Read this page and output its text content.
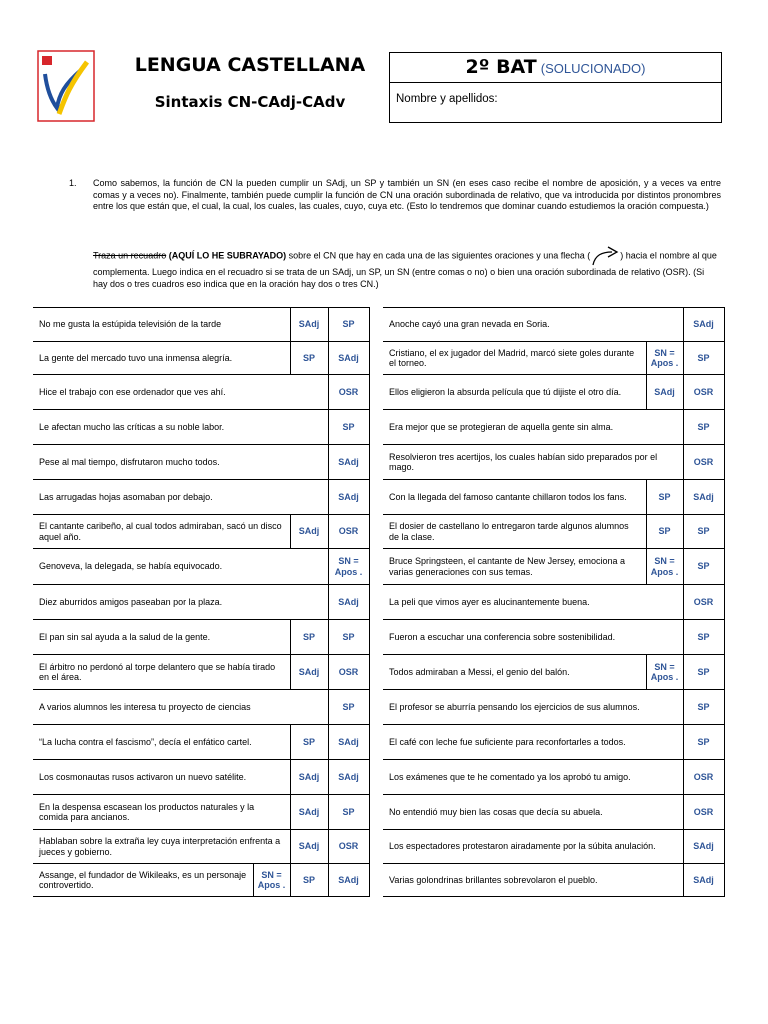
LENGUA CASTELLANA
Sintaxis CN-CAdj-CAdv
2º BAT (SOLUCIONADO)
Nombre y apellidos:
1. Como sabemos, la función de CN la pueden cumplir un SAdj, un SP y también un SN (en eses caso recibe el nombre de aposición, y a veces va entre comas y a veces no). Finalmente, también puede cumplir la función de CN una oración subordinada de relativo, que va introducida por distintos pronombres entre los que están que, el cual, la cual, los cuales, las cuales, cuyo, cuya etc. (Esto lo tendremos que dominar cuando estudiemos la oración compuesta.)
Traza un recuadro (AQUÍ LO HE SUBRAYADO) sobre el CN que hay en cada una de las siguientes oraciones y una flecha (	) hacia el nombre al que complementa. Luego indica en el recuadro si se trata de un SAdj, un SP, un SN (entre comas o no) o bien una oración subordinada de relativo (OSR). (Si hay dos o tres cuadros eso indica que en la oración hay dos o tres CN.)
No me gusta la estúpida televisión de la tarde		SAdj	SP
La gente del mercado tuvo una inmensa alegría.		SP	SAdj
Hice el trabajo con ese ordenador que ves ahí.			OSR
Le afectan mucho las críticas a su noble labor.			SP
Pese al mal tiempo, disfrutaron mucho todos.			SAdj
Las arrugadas hojas asomaban por debajo.			SAdj
El cantante caribeño, al cual todos admiraban, sacó un disco aquel año.		SAdj	OSR
Genoveva, la delegada, se había equivocado.			SN = Apos .
Diez aburridos amigos paseaban por la plaza.			SAdj
El pan sin sal ayuda a la salud de la gente.		SP	SP
El árbitro no perdonó al torpe delantero que se había tirado en el área.		SAdj	OSR
A varios alumnos les interesa tu proyecto de ciencias			SP
“La lucha contra el fascismo”, decía el enfático cartel.		SP	SAdj
Los cosmonautas rusos activaron un nuevo satélite.		SAdj	SAdj
En la despensa escasean los productos naturales y la comida para ancianos.		SAdj	SP
Hablaban sobre la extraña ley cuya interpretación enfrenta a jueces y gobierno.		SAdj	OSR
Assange, el fundador de Wikileaks, es un personaje controvertido.	SN = Apos .	SP	SAdj
Anoche cayó una gran nevada en Soria.		SAdj
Cristiano, el ex jugador del Madrid, marcó siete goles durante el torneo.	SN = Apos .	SP
Ellos eligieron la absurda película que tú dijiste el otro día.	SAdj	OSR
Era mejor que se protegieran de aquella gente sin alma.		SP
Resolvieron tres acertijos, los cuales habían sido preparados por el mago.		OSR
Con la llegada del famoso cantante chillaron todos los fans.	SP	SAdj
El dosier de castellano lo entregaron tarde algunos alumnos de la clase.	SP	SP
Bruce Springsteen, el cantante de New Jersey, emociona a varias generaciones con sus temas.	SN = Apos .	SP
La peli que vimos ayer es alucinantemente buena.		OSR
Fueron a escuchar una conferencia sobre sostenibilidad.		SP
Todos admiraban a Messi, el genio del balón.	SN = Apos .	SP
El profesor se aburría pensando los ejercicios de sus alumnos.		SP
El café con leche fue suficiente para reconfortarles a todos.		SP
Los exámenes que te he comentado ya los aprobó tu amigo.		OSR
No entendió muy bien las cosas que decía su abuela.		OSR
Los espectadores protestaron airadamente por la súbita anulación.		SAdj
Varias golondrinas brillantes sobrevolaron el pueblo.		SAdj
